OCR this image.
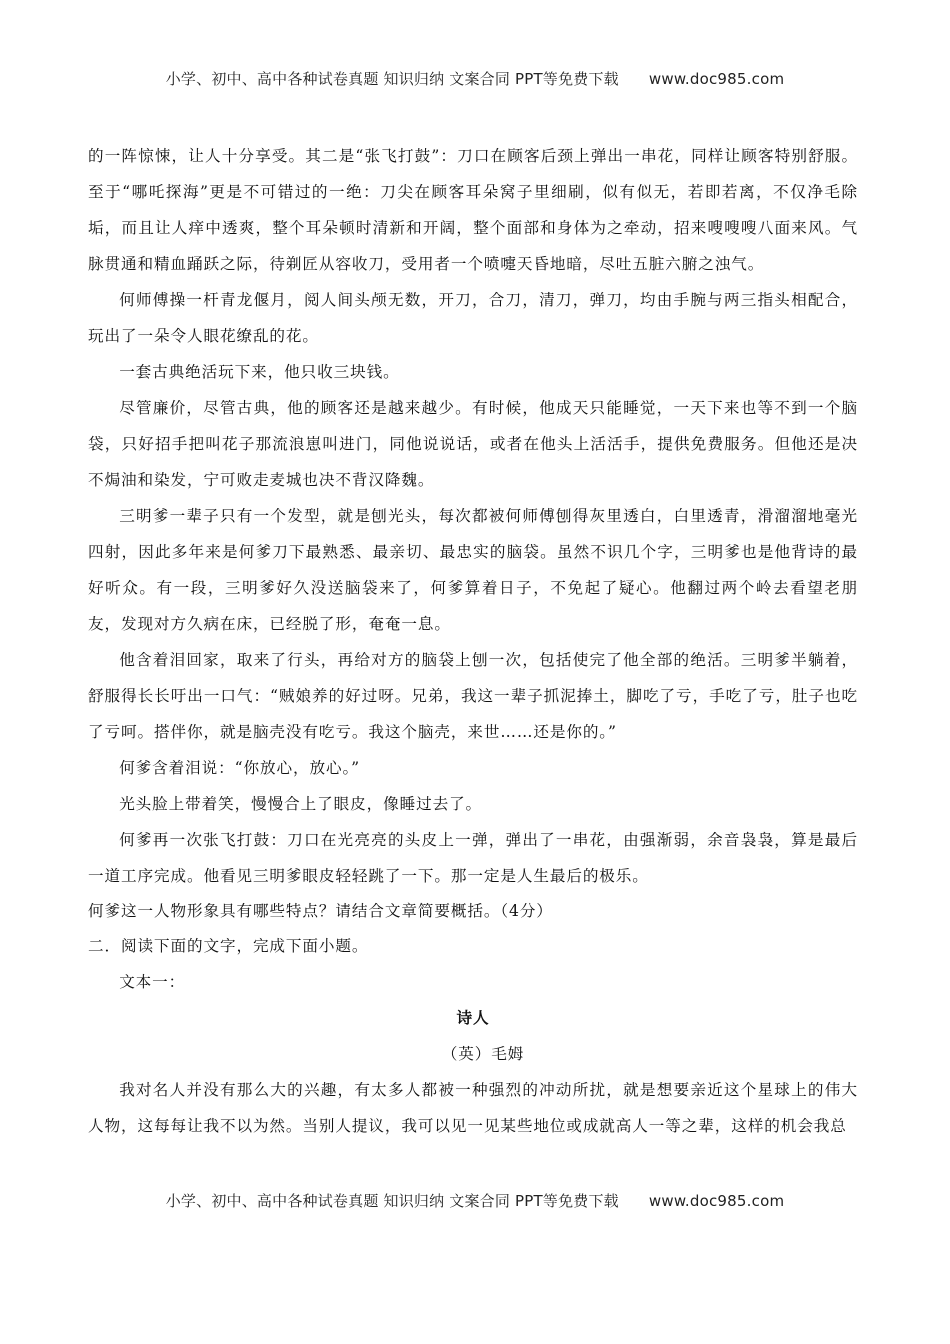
小学、初中、高中各种试卷真题 知识归纳 文案合同 PPT等免费下载 www.doc985.com

的一阵惊悚，让人十分享受。其二是“张飞打鼓”：刀口在顾客后颈上弹出一串花，同样让顾客特别舒服。至于“哪吒探海”更是不可错过的一绝：刀尖在顾客耳朵窝子里细刷，似有似无，若即若离，不仅净毛除垢，而且让人痒中透爽，整个耳朵顿时清新和开阔，整个面部和身体为之牵动，招来嗖嗖嗖八面来风。气脉贯通和精血踊跃之际，待剃匠从容收刀，受用者一个喷嚏天昏地暗，尽吐五脏六腑之浊气。

何师傅操一杆青龙偃月，阅人间头颅无数，开刀，合刀，清刀，弹刀，均由手腕与两三指头相配合，玩出了一朵令人眼花缭乱的花。

一套古典绝活玩下来，他只收三块钱。

尽管廉价，尽管古典，他的顾客还是越来越少。有时候，他成天只能睡觉，一天下来也等不到一个脑袋，只好招手把叫花子那流浪崽叫进门，同他说说话，或者在他头上活活手，提供免费服务。但他还是决不焗油和染发，宁可败走麦城也决不背汉降魏。

三明爹一辈子只有一个发型，就是刨光头，每次都被何师傅刨得灰里透白，白里透青，滑溜溜地毫光四射，因此多年来是何爹刀下最熟悉、最亲切、最忠实的脑袋。虽然不识几个字，三明爹也是他背诗的最好听众。有一段，三明爹好久没送脑袋来了，何爹算着日子，不免起了疑心。他翻过两个岭去看望老朋友，发现对方久病在床，已经脱了形，奄奄一息。

他含着泪回家，取来了行头，再给对方的脑袋上刨一次，包括使完了他全部的绝活。三明爹半躺着，舒服得长长吁出一口气：“贼娘养的好过呀。兄弟，我这一辈子抓泥捧土，脚吃了亏，手吃了亏，肚子也吃了亏呵。搭伴你，就是脑壳没有吃亏。我这个脑壳，来世……还是你的。”

何爹含着泪说：“你放心，放心。”

光头脸上带着笑，慢慢合上了眼皮，像睡过去了。

何爹再一次张飞打鼓：刀口在光亮亮的头皮上一弹，弹出了一串花，由强渐弱，余音袅袅，算是最后一道工序完成。他看见三明爹眼皮轻轻跳了一下。那一定是人生最后的极乐。

何爹这一人物形象具有哪些特点？请结合文章简要概括。（4分）

二．阅读下面的文字，完成下面小题。

文本一：

诗人

（英）毛姆

我对名人并没有那么大的兴趣，有太多人都被一种强烈的冲动所扰，就是想要亲近这个星球上的伟大人物，这每每让我不以为然。当别人提议，我可以见一见某些地位或成就高人一等之辈，这样的机会我总

小学、初中、高中各种试卷真题 知识归纳 文案合同 PPT等免费下载 www.doc985.com
